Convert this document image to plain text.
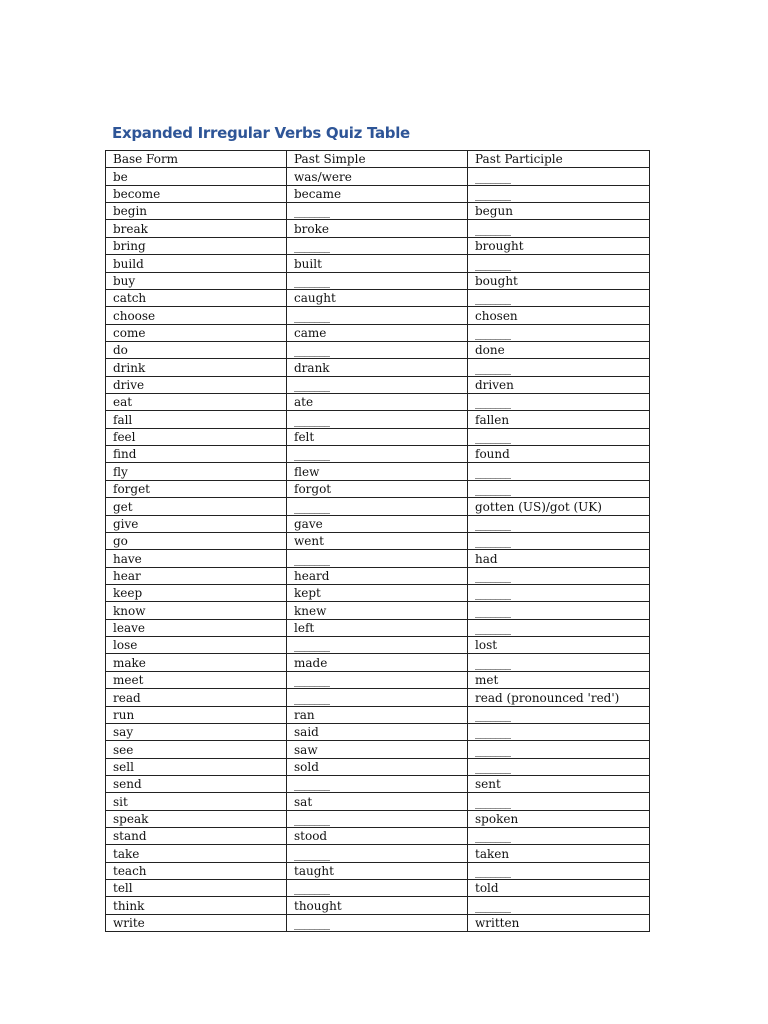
Expanded Irregular Verbs Quiz Table
Base Form	Past Simple	Past Participle
be	was/were	_______
become	became	_______
begin	_______	begun
break	broke	_______
bring	_______	brought
build	built	_______
buy	_______	bought
catch	caught	_______
choose	_______	chosen
come	came	_______
do	_______	done
drink	drank	_______
drive	_______	driven
eat	ate	_______
fall	_______	fallen
feel	felt	_______
find	_______	found
fly	flew	_______
forget	forgot	_______
get	_______	gotten (US)/got (UK)
give	gave	_______
go	went	_______
have	_______	had
hear	heard	_______
keep	kept	_______
know	knew	_______
leave	left	_______
lose	_______	lost
make	made	_______
meet	_______	met
read	_______	read (pronounced 'red')
run	ran	_______
say	said	_______
see	saw	_______
sell	sold	_______
send	_______	sent
sit	sat	_______
speak	_______	spoken
stand	stood	_______
take	_______	taken
teach	taught	_______
tell	_______	told
think	thought	_______
write	_______	written
